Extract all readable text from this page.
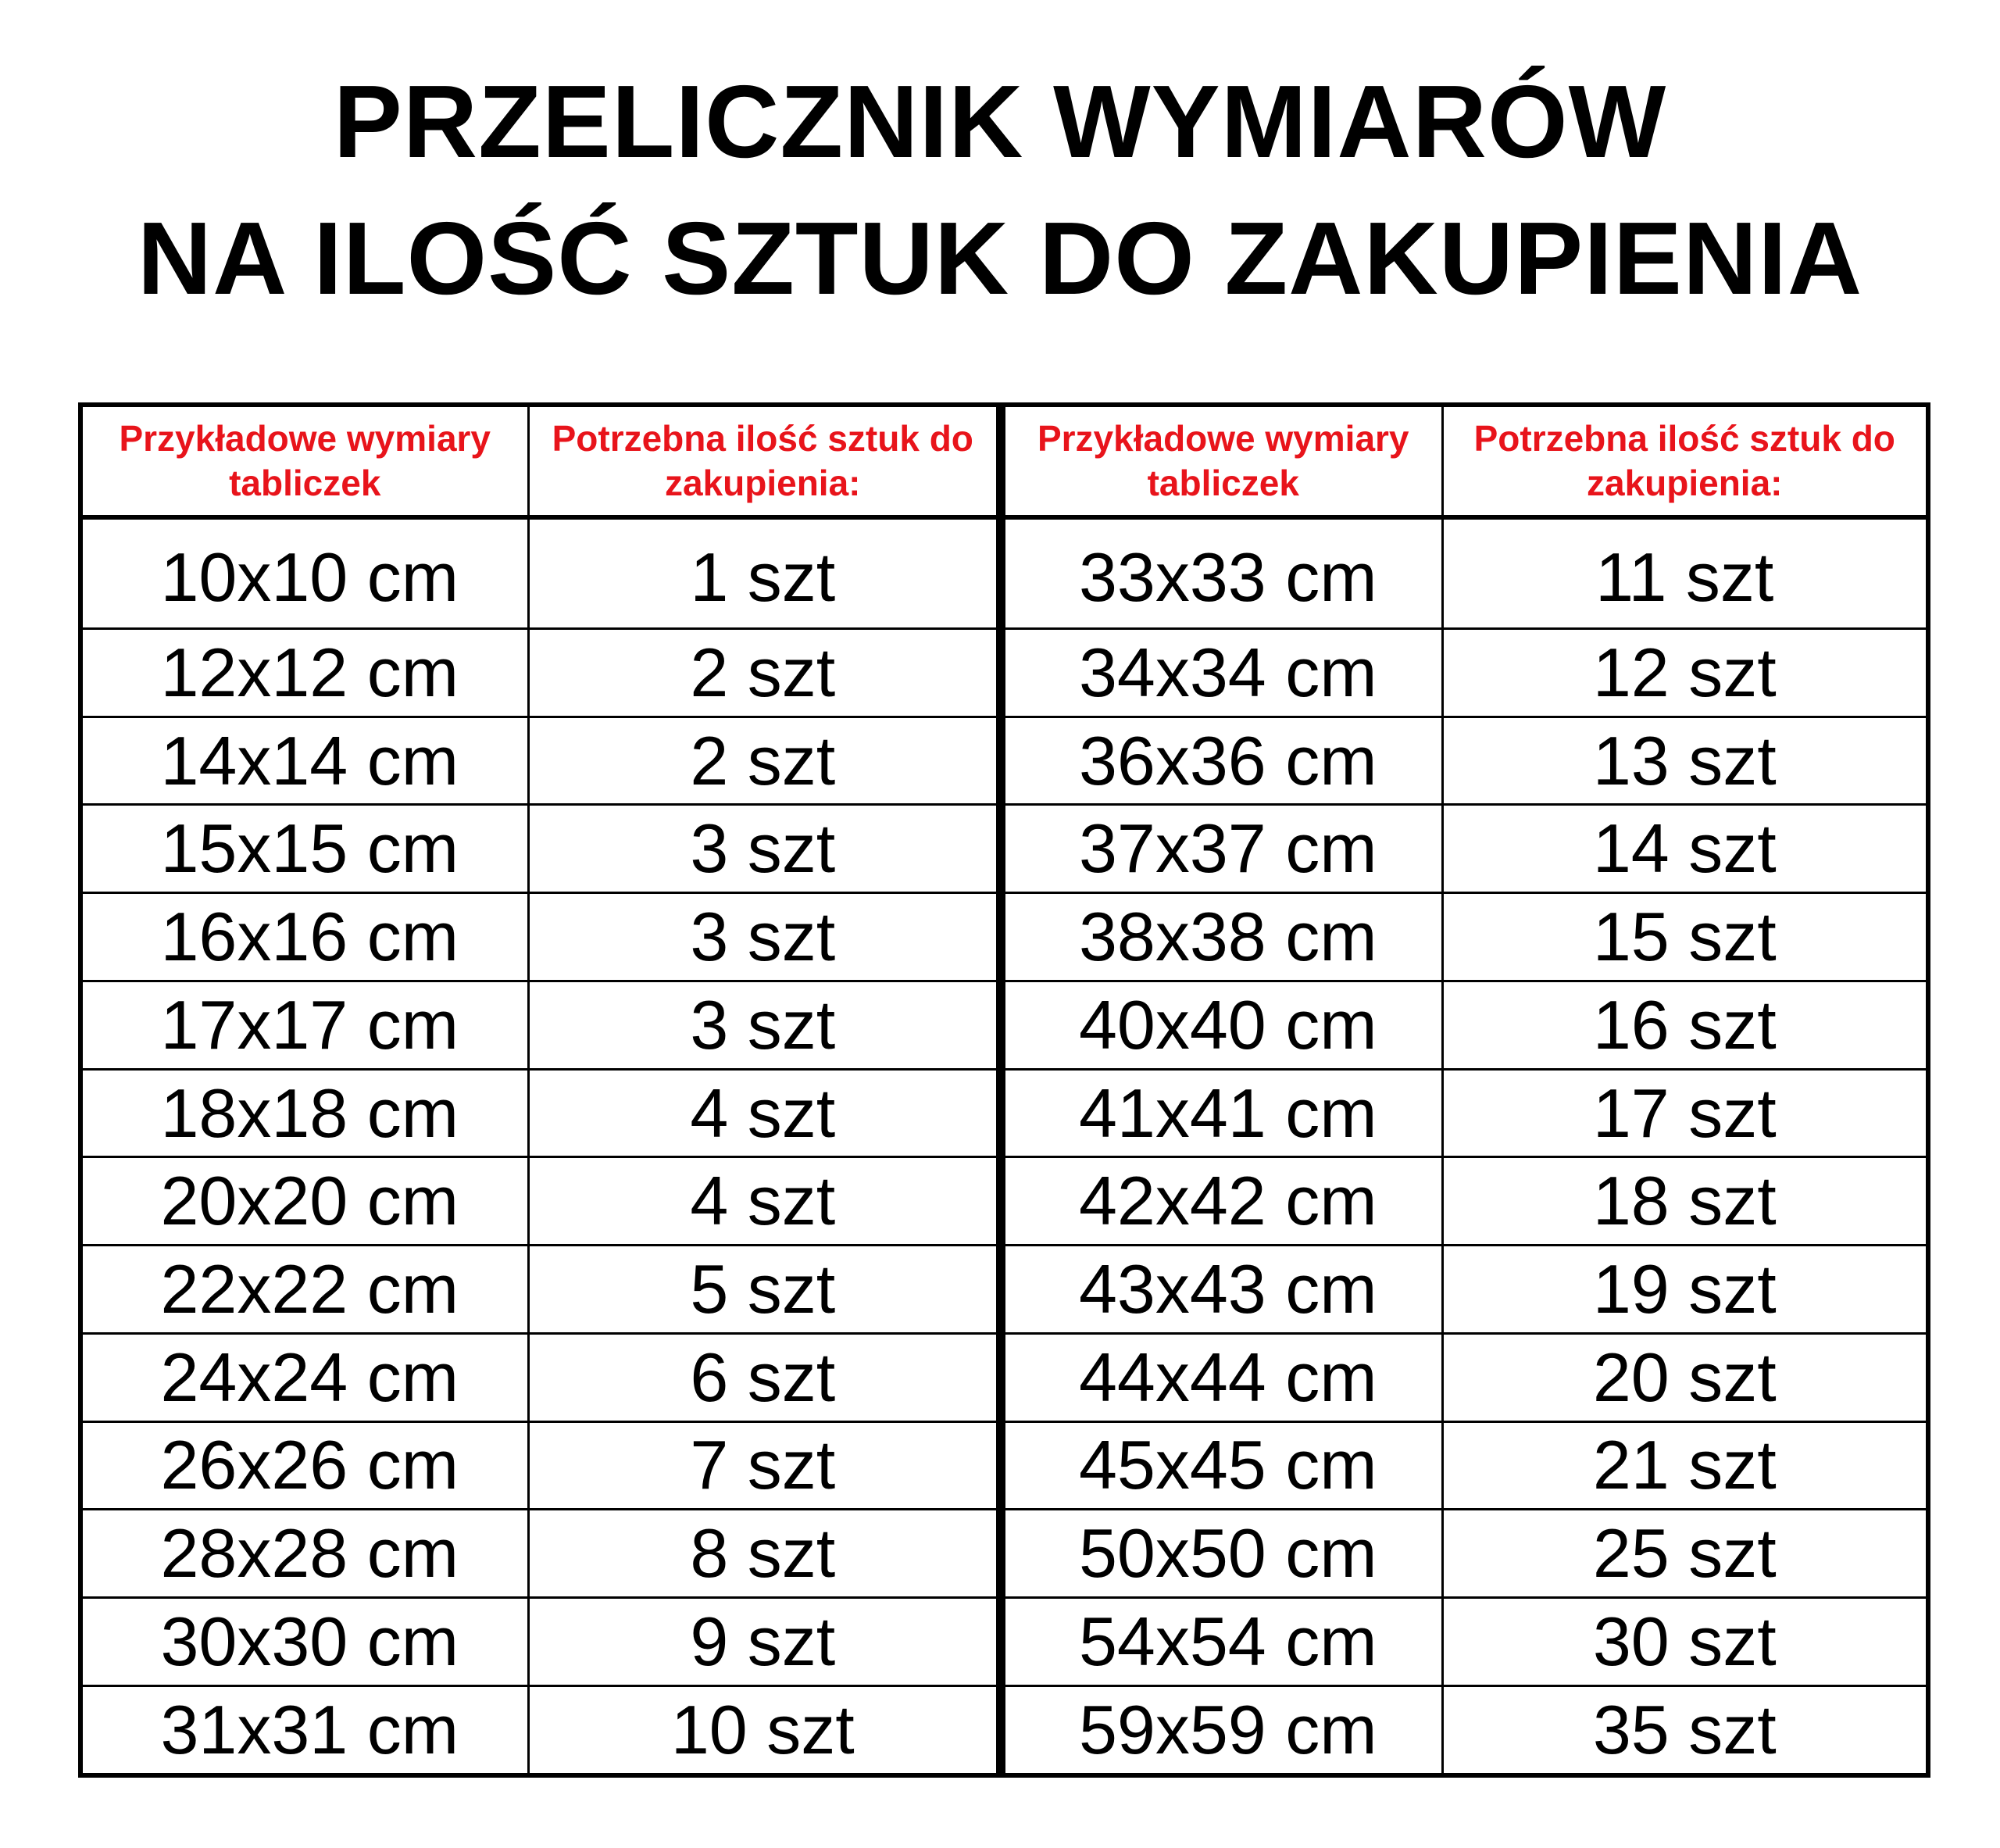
PRZELICZNIK WYMIARÓW
NA ILOŚĆ SZTUK DO ZAKUPIENIA
Przykładowe wymiary tabliczek	Potrzebna ilość sztuk do zakupienia:	Przykładowe wymiary tabliczek	Potrzebna ilość sztuk do zakupienia:
10x10 cm	1 szt	33x33 cm	11 szt
12x12 cm	2 szt	34x34 cm	12 szt
14x14 cm	2 szt	36x36 cm	13 szt
15x15 cm	3 szt	37x37 cm	14 szt
16x16 cm	3 szt	38x38 cm	15 szt
17x17 cm	3 szt	40x40 cm	16 szt
18x18 cm	4 szt	41x41 cm	17 szt
20x20 cm	4 szt	42x42 cm	18 szt
22x22 cm	5 szt	43x43 cm	19 szt
24x24 cm	6 szt	44x44 cm	20 szt
26x26 cm	7 szt	45x45 cm	21 szt
28x28 cm	8 szt	50x50 cm	25 szt
30x30 cm	9 szt	54x54 cm	30 szt
31x31 cm	10 szt	59x59 cm	35 szt
